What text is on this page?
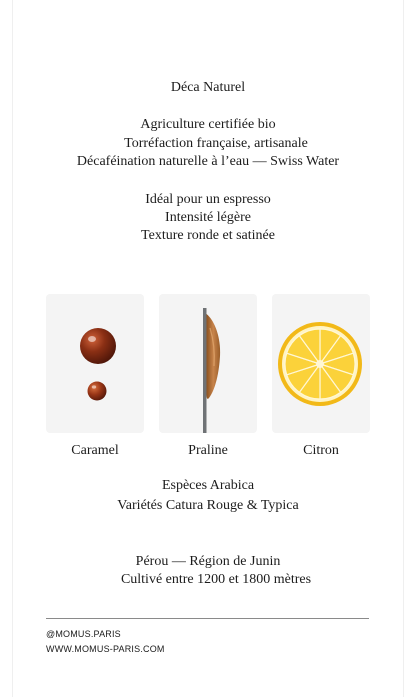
Déca Naturel
Agriculture certifiée bio
Torréfaction française, artisanale
Décaféination naturelle à l’eau — Swiss Water
Idéal pour un espresso
Intensité légère
Texture ronde et satinée
Caramel	Praline	Citron
Espèces Arabica
Variétés Catura Rouge & Typica
Pérou — Région de Junin
Cultivé entre 1200 et 1800 mètres
@MOMUS.PARIS
WWW.MOMUS-PARIS.COM
